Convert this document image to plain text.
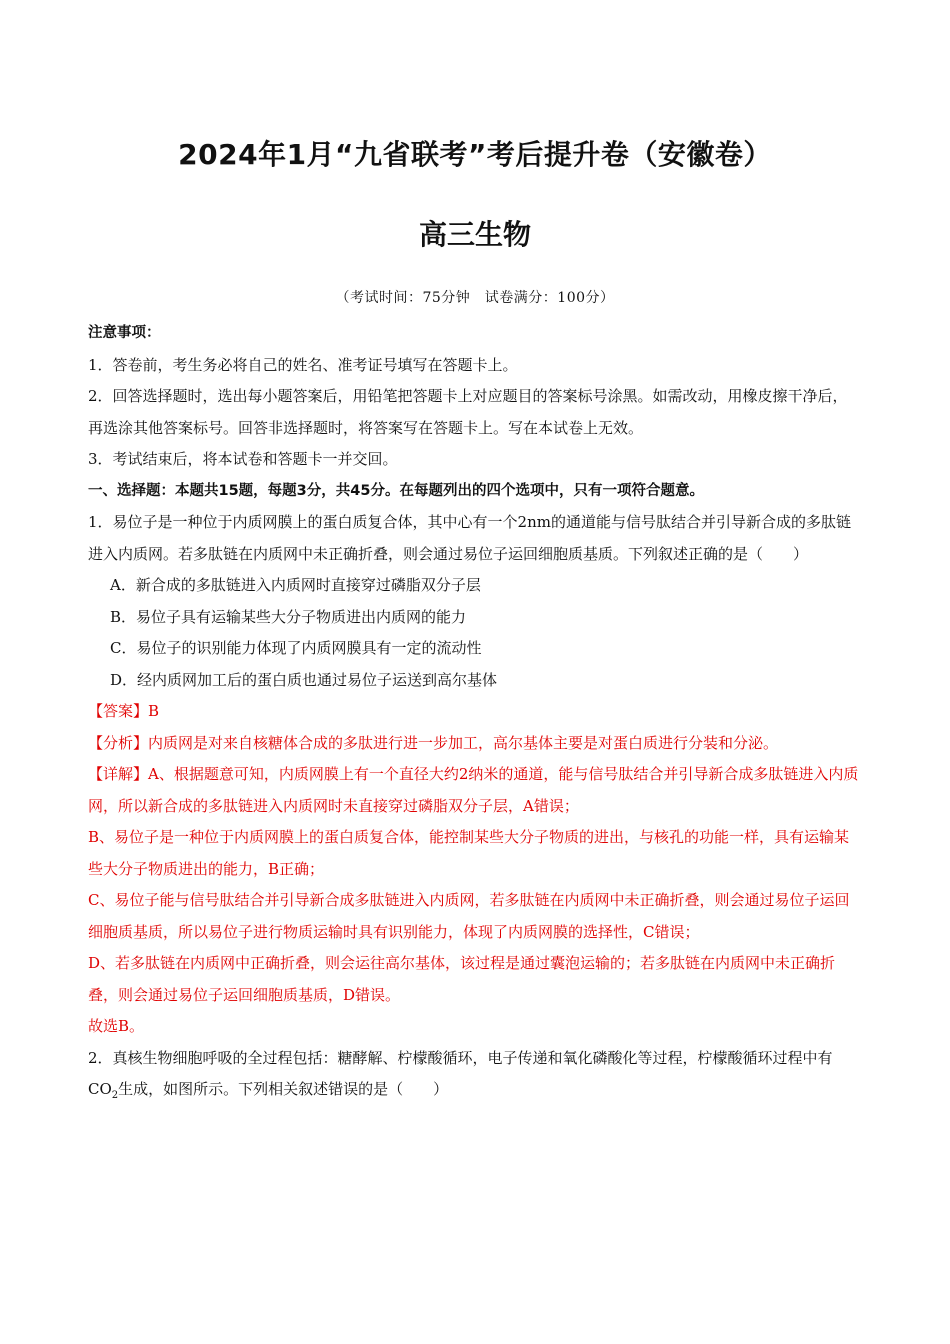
2024年1月“九省联考”考后提升卷（安徽卷）
高三生物
（考试时间：75分钟　试卷满分：100分）

注意事项：

1．答卷前，考生务必将自己的姓名、准考证号填写在答题卡上。

2．回答选择题时，选出每小题答案后，用铅笔把答题卡上对应题目的答案标号涂黑。如需改动，用橡皮擦干净后，再选涂其他答案标号。回答非选择题时，将答案写在答题卡上。写在本试卷上无效。

3．考试结束后，将本试卷和答题卡一并交回。

一、选择题：本题共15题，每题3分，共45分。在每题列出的四个选项中，只有一项符合题意。

1．易位子是一种位于内质网膜上的蛋白质复合体，其中心有一个2nm的通道能与信号肽结合并引导新合成的多肽链进入内质网。若多肽链在内质网中未正确折叠，则会通过易位子运回细胞质基质。下列叙述正确的是（　　）

A．新合成的多肽链进入内质网时直接穿过磷脂双分子层

B．易位子具有运输某些大分子物质进出内质网的能力

C．易位子的识别能力体现了内质网膜具有一定的流动性

D．经内质网加工后的蛋白质也通过易位子运送到高尔基体

【答案】B

【分析】内质网是对来自核糖体合成的多肽进行进一步加工，高尔基体主要是对蛋白质进行分装和分泌。

【详解】A、根据题意可知，内质网膜上有一个直径大约2纳米的通道，能与信号肽结合并引导新合成多肽链进入内质网，所以新合成的多肽链进入内质网时未直接穿过磷脂双分子层，A错误；

B、易位子是一种位于内质网膜上的蛋白质复合体，能控制某些大分子物质的进出，与核孔的功能一样，具有运输某些大分子物质进出的能力，B正确；

C、易位子能与信号肽结合并引导新合成多肽链进入内质网，若多肽链在内质网中未正确折叠，则会通过易位子运回细胞质基质，所以易位子进行物质运输时具有识别能力，体现了内质网膜的选择性，C错误；

D、若多肽链在内质网中正确折叠，则会运往高尔基体，该过程是通过囊泡运输的；若多肽链在内质网中未正确折叠，则会通过易位子运回细胞质基质，D错误。

故选B。

2．真核生物细胞呼吸的全过程包括：糖酵解、柠檬酸循环，电子传递和氧化磷酸化等过程，柠檬酸循环过程中有$CO_2$生成，如图所示。下列相关叙述错误的是（　　）
